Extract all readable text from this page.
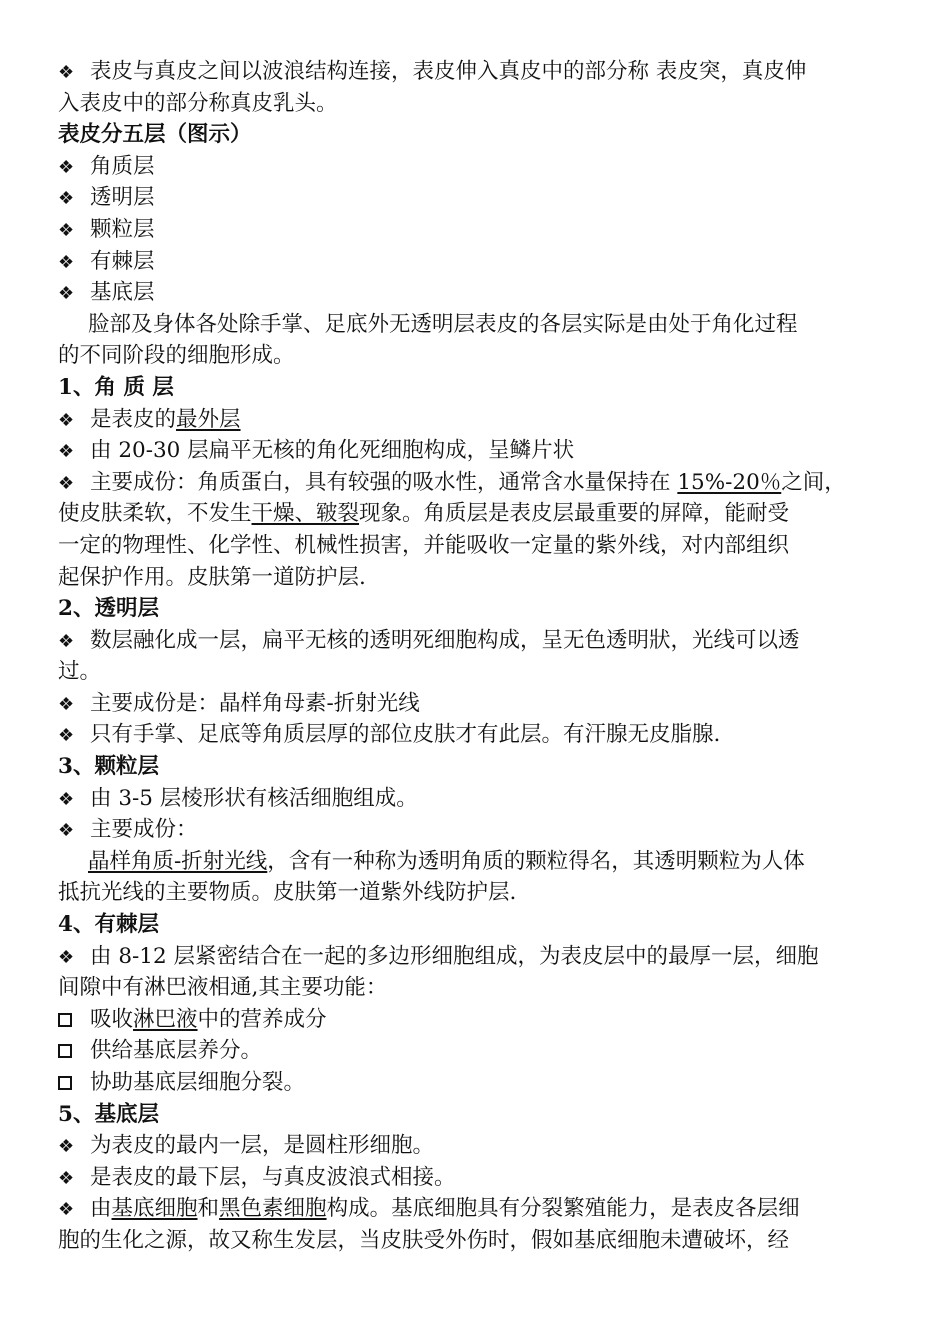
❖ 表皮与真皮之间以波浪结构连接，表皮伸入真皮中的部分称 表皮突，真皮伸
入表皮中的部分称真皮乳头。
表皮分五层（图示）
❖ 角质层
❖ 透明层
❖ 颗粒层
❖ 有棘层
❖ 基底层
脸部及身体各处除手掌、足底外无透明层表皮的各层实际是由处于角化过程
的不同阶段的细胞形成。
1、角 质 层
❖ 是表皮的最外层
❖ 由 20-30 层扁平无核的角化死细胞构成，呈鳞片状
❖ 主要成份：角质蛋白，具有较强的吸水性，通常含水量保持在 15%-20％之间，
使皮肤柔软，不发生干燥、皲裂现象。角质层是表皮层最重要的屏障，能耐受
一定的物理性、化学性、机械性损害，并能吸收一定量的紫外线，对内部组织
起保护作用。皮肤第一道防护层.
2、透明层
❖ 数层融化成一层，扁平无核的透明死细胞构成，呈无色透明狀，光线可以透
过。
❖ 主要成份是：晶样角母素-折射光线
❖ 只有手掌、足底等角质层厚的部位皮肤才有此层。有汗腺无皮脂腺.
3、颗粒层
❖ 由 3-5 层棱形状有核活细胞组成。
❖ 主要成份：
晶样角质-折射光线，含有一种称为透明角质的颗粒得名，其透明颗粒为人体
抵抗光线的主要物质。皮肤第一道紫外线防护层.
4、有棘层
❖ 由 8-12 层紧密结合在一起的多边形细胞组成，为表皮层中的最厚一层，细胞
间隙中有淋巴液相通,其主要功能：
吸收淋巴液中的营养成分
供给基底层养分。
协助基底层细胞分裂。
5、基底层
❖ 为表皮的最内一层，是圆柱形细胞。
❖ 是表皮的最下层，与真皮波浪式相接。
❖ 由基底细胞和黑色素细胞构成。基底细胞具有分裂繁殖能力，是表皮各层细
胞的生化之源，故又称生发层，当皮肤受外伤时，假如基底细胞未遭破坏，经
